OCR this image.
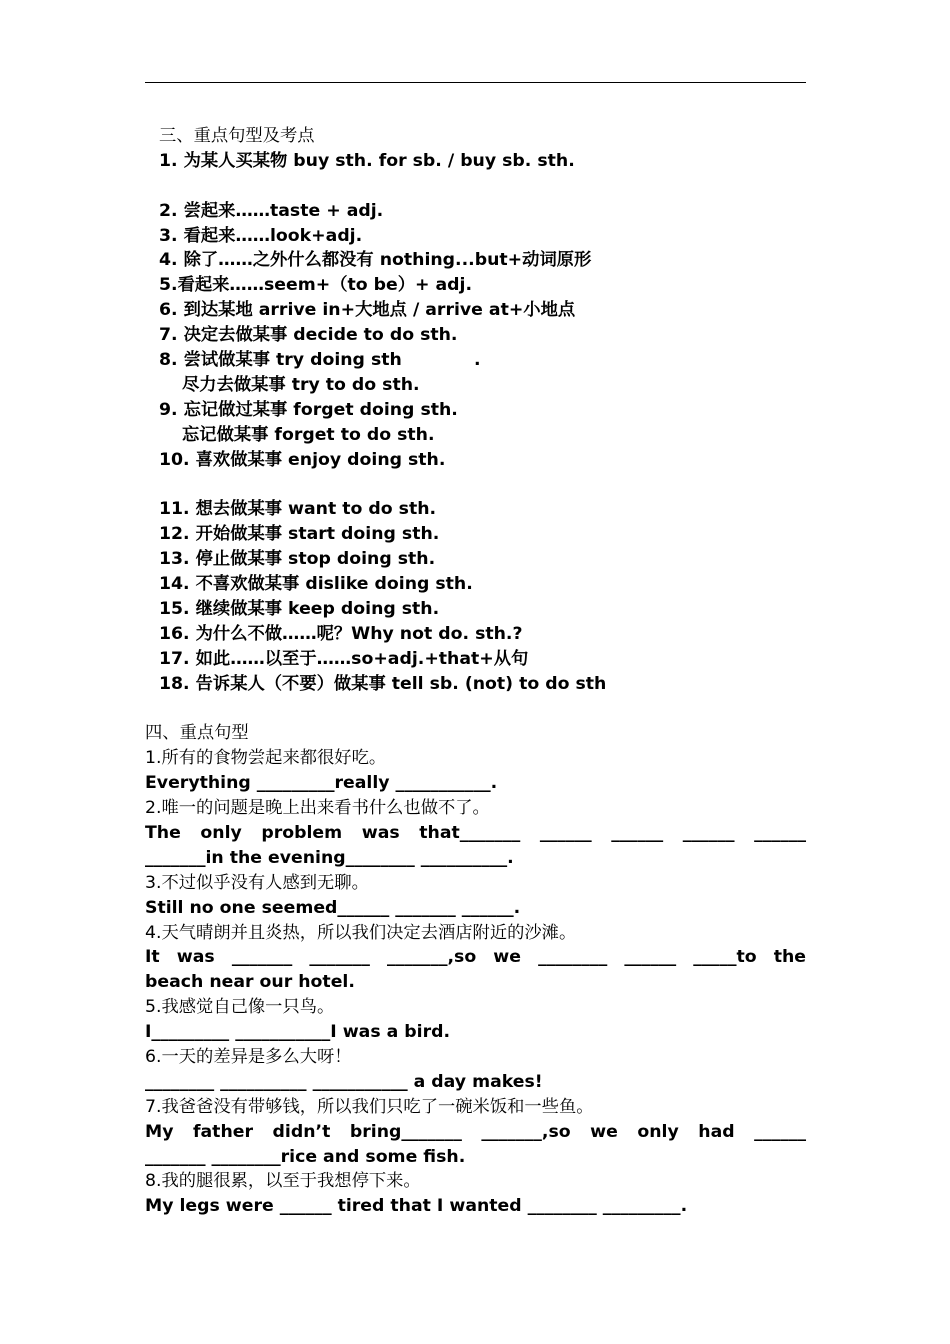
三、重点句型及考点
1. 为某人买某物 buy sth. for sb. / buy sb. sth.
2. 尝起来……taste + adj.
3. 看起来……look+adj.
4. 除了……之外什么都没有 nothing...but+动词原形
5.看起来……seem+（to be）+ adj.
6. 到达某地 arrive in+大地点 / arrive at+小地点
7. 决定去做某事 decide to do sth.
8. 尝试做某事 try doing sth            .
尽力去做某事 try to do sth.
9. 忘记做过某事 forget doing sth.
忘记做某事 forget to do sth.
10. 喜欢做某事 enjoy doing sth.
11. 想去做某事 want to do sth.
12. 开始做某事 start doing sth.
13. 停止做某事 stop doing sth.
14. 不喜欢做某事 dislike doing sth.
15. 继续做某事 keep doing sth.
16. 为什么不做……呢？Why not do. sth.?
17. 如此……以至于……so+adj.+that+从句
18. 告诉某人（不要）做某事 tell sb. (not) to do sth
四、重点句型
1.所有的食物尝起来都很好吃。
Everything _________really ___________.
2.唯一的问题是晚上出来看书什么也做不了。
The only problem was that_______ ______ ______ ______ ______
_______in the evening________ __________.
3.不过似乎没有人感到无聊。
Still no one seemed______ _______ ______.
4.天气晴朗并且炎热，所以我们决定去酒店附近的沙滩。
It was _______ _______ _______,so we ________ ______ _____to the
beach near our hotel.
5.我感觉自己像一只鸟。
I_________ ___________I was a bird.
6.一天的差异是多么大呀！
________ __________ ___________ a day makes!
7.我爸爸没有带够钱，所以我们只吃了一碗米饭和一些鱼。
My father didn’t bring_______ _______,so we only had ______
_______ ________rice and some fish.
8.我的腿很累，以至于我想停下来。
My legs were ______ tired that I wanted ________ _________.
